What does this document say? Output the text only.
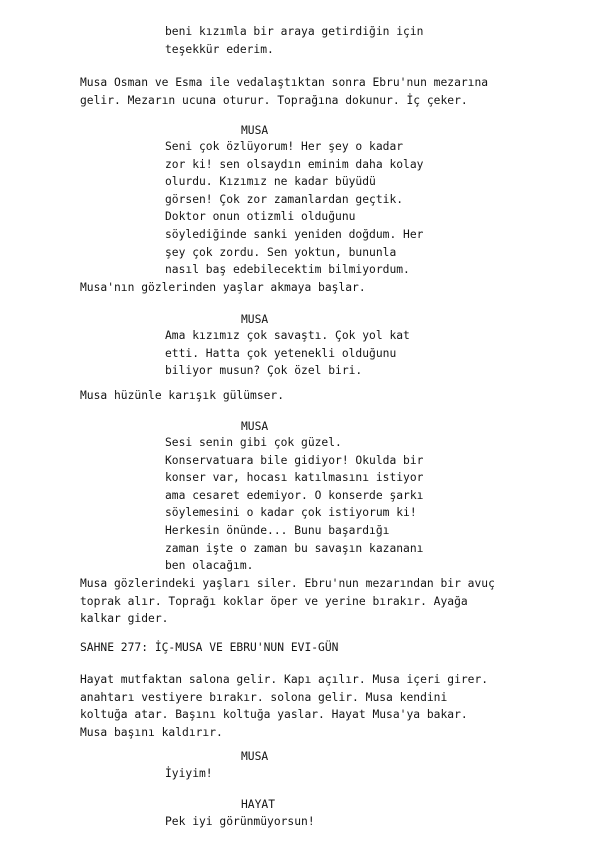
beni kızımla bir araya getirdiğin için
teşekkür ederim.
Musa Osman ve Esma ile vedalaştıktan sonra Ebru'nun mezarına
gelir. Mezarın ucuna oturur. Toprağına dokunur. İç çeker.
MUSA
Seni çok özlüyorum! Her şey o kadar
zor ki! sen olsaydın eminim daha kolay
olurdu. Kızımız ne kadar büyüdü
görsen! Çok zor zamanlardan geçtik.
Doktor onun otizmli olduğunu
söylediğinde sanki yeniden doğdum. Her
şey çok zordu. Sen yoktun, bununla
nasıl baş edebilecektim bilmiyordum.
Musa'nın gözlerinden yaşlar akmaya başlar.
MUSA
Ama kızımız çok savaştı. Çok yol kat
etti. Hatta çok yetenekli olduğunu
biliyor musun? Çok özel biri.
Musa hüzünle karışık gülümser.
MUSA
Sesi senin gibi çok güzel.
Konservatuara bile gidiyor! Okulda bir
konser var, hocası katılmasını istiyor
ama cesaret edemiyor. O konserde şarkı
söylemesini o kadar çok istiyorum ki!
Herkesin önünde... Bunu başardığı
zaman işte o zaman bu savaşın kazananı
ben olacağım.
Musa gözlerindeki yaşları siler. Ebru'nun mezarından bir avuç
toprak alır. Toprağı koklar öper ve yerine bırakır. Ayağa
kalkar gider.
SAHNE 277: İÇ-MUSA VE EBRU'NUN EVI-GÜN
Hayat mutfaktan salona gelir. Kapı açılır. Musa içeri girer.
anahtarı vestiyere bırakır. solona gelir. Musa kendini
koltuğa atar. Başını koltuğa yaslar. Hayat Musa'ya bakar.
Musa başını kaldırır.
MUSA
İyiyim!
HAYAT
Pek iyi görünmüyorsun!
